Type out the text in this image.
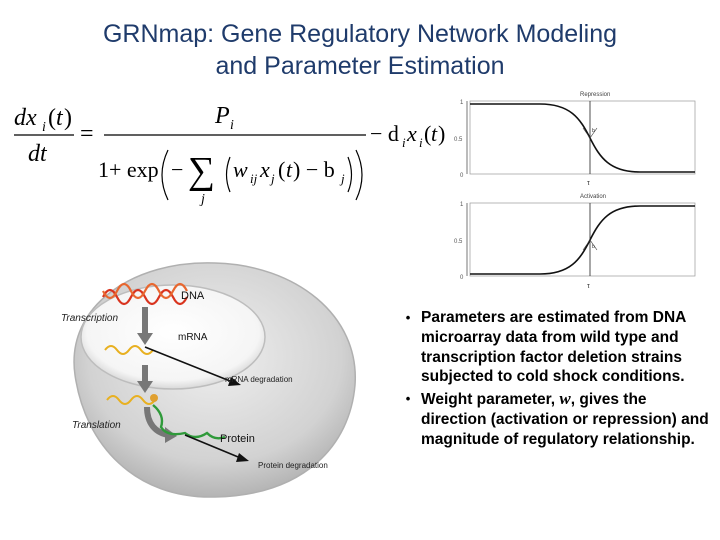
GRNmap: Gene Regulatory Network Modeling
and Parameter Estimation
dx i ( t )
dt
=
P i
1+ exp − ∑
j
w ij x j ( t ) − b j
− d i x i ( t )
Repression
1
0.5
0
b
τ
Activation
1
0.5
0
b
τ
DNA
Transcription
mRNA
mRNA degradation
Translation
Protein
Protein degradation
• Parameters are estimated from DNA microarray data from wild type and transcription factor deletion strains subjected to cold shock conditions.
• Weight parameter, w, gives the direction (activation or repression) and magnitude of regulatory relationship.
